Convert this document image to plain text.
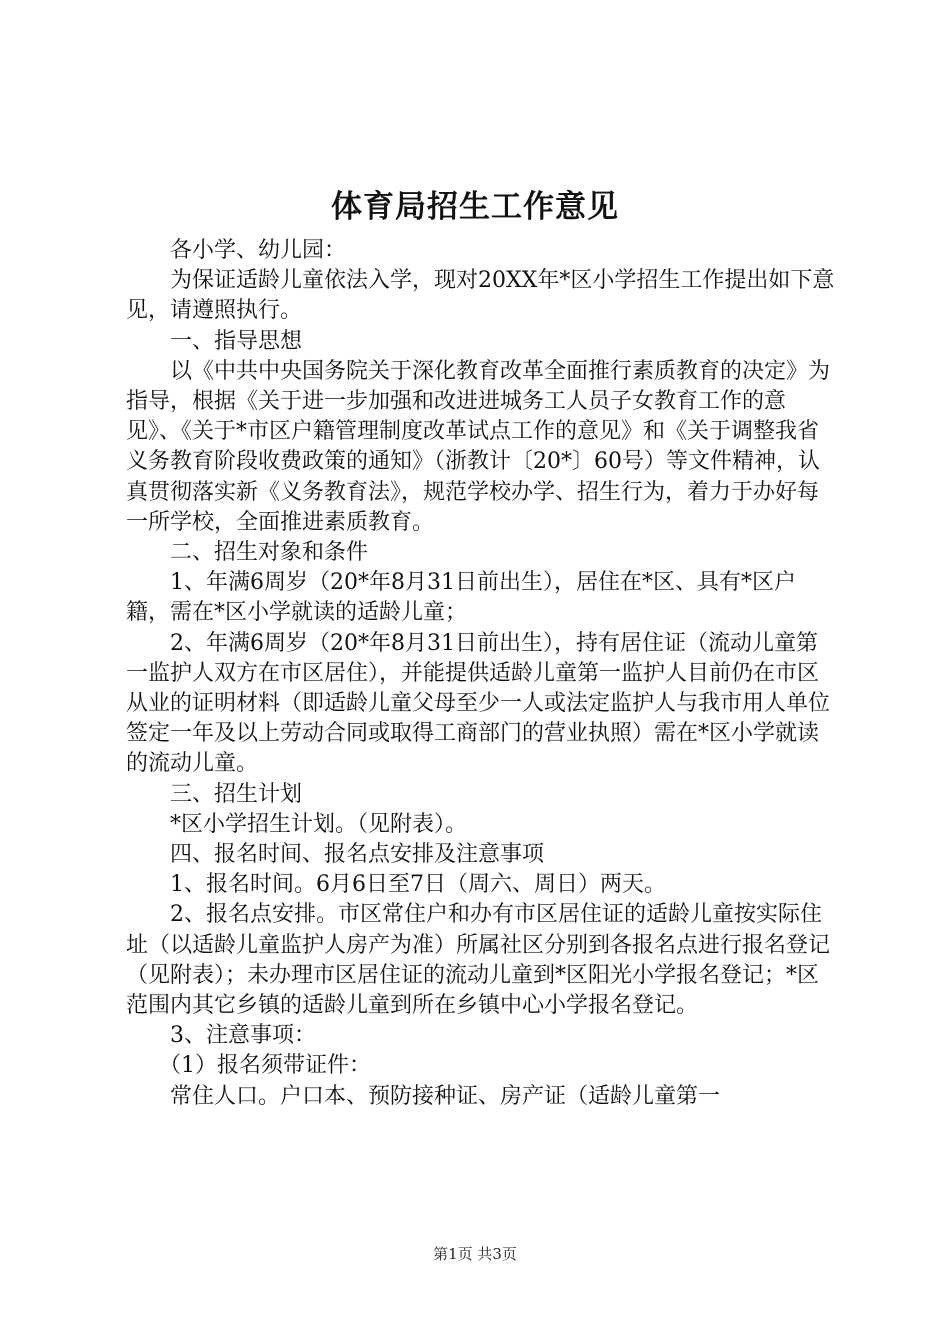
体育局招生工作意见

各小学、幼儿园：

为保证适龄儿童依法入学，现对20XX年*区小学招生工作提出如下意见，请遵照执行。

一、指导思想

以《中共中央国务院关于深化教育改革全面推行素质教育的决定》为指导，根据《关于进一步加强和改进进城务工人员子女教育工作的意见》、《关于*市区户籍管理制度改革试点工作的意见》和《关于调整我省义务教育阶段收费政策的通知》（浙教计〔20*〕60号）等文件精神，认真贯彻落实新《义务教育法》，规范学校办学、招生行为，着力于办好每一所学校，全面推进素质教育。

二、招生对象和条件

1、年满6周岁（20*年8月31日前出生），居住在*区、具有*区户籍，需在*区小学就读的适龄儿童；

2、年满6周岁（20*年8月31日前出生），持有居住证（流动儿童第一监护人双方在市区居住），并能提供适龄儿童第一监护人目前仍在市区从业的证明材料（即适龄儿童父母至少一人或法定监护人与我市用人单位签定一年及以上劳动合同或取得工商部门的营业执照）需在*区小学就读的流动儿童。

三、招生计划

*区小学招生计划。（见附表）。

四、报名时间、报名点安排及注意事项

1、报名时间。6月6日至7日（周六、周日）两天。

2、报名点安排。市区常住户和办有市区居住证的适龄儿童按实际住址（以适龄儿童监护人房产为准）所属社区分别到各报名点进行报名登记（见附表）；未办理市区居住证的流动儿童到*区阳光小学报名登记；*区范围内其它乡镇的适龄儿童到所在乡镇中心小学报名登记。

3、注意事项：

（1）报名须带证件：

常住人口。户口本、预防接种证、房产证（适龄儿童第一

第1页 共3页
